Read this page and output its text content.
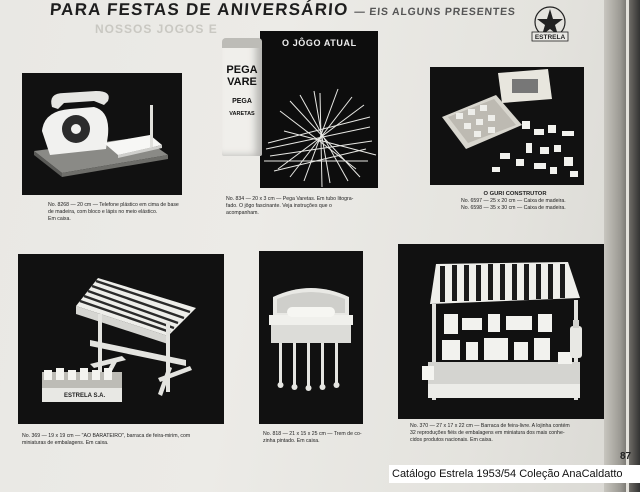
PARA FESTAS DE ANIVERSÁRIO — EIS ALGUNS PRESENTES
NOSSOS JOGOS E
ESTRELA
No. 8268 — 20 cm — Telefone plástico em cima de base
de madeira, com bloco e lápis no meio elástico.
Em caixa.
O JÔGO ATUAL
PEGA
VARE
PEGA
VARETAS
No. 834 — 20 x 3 cm — Pega Varetas. Em tubo litogra-
fado. O jôgo fascinante. Veja instruções que o
acompanham.
O GURI CONSTRUTOR
No. 6597 — 25 x 20 cm — Caixa de madeira.
No. 6598 — 35 x 30 cm — Caixa de madeira.
ESTRELA S.A.
No. 369 — 19 x 19 cm — "AO BARATEIRO", barraca de feira-mirim, com
miniaturas de embalagens. Em caixa.
No. 818 — 21 x 15 x 25 cm — Trem de co-
zinha pintado. Em caixa.
No. 370 — 27 x 17 x 22 cm — Barraca de feira-livre. A lojinha contém
32 reproduções fiéis de embalagens em miniatura dos mais conhe-
cidos produtos nacionais. Em caixa.
87
Catálogo Estrela 1953/54 Coleção AnaCaldatto
